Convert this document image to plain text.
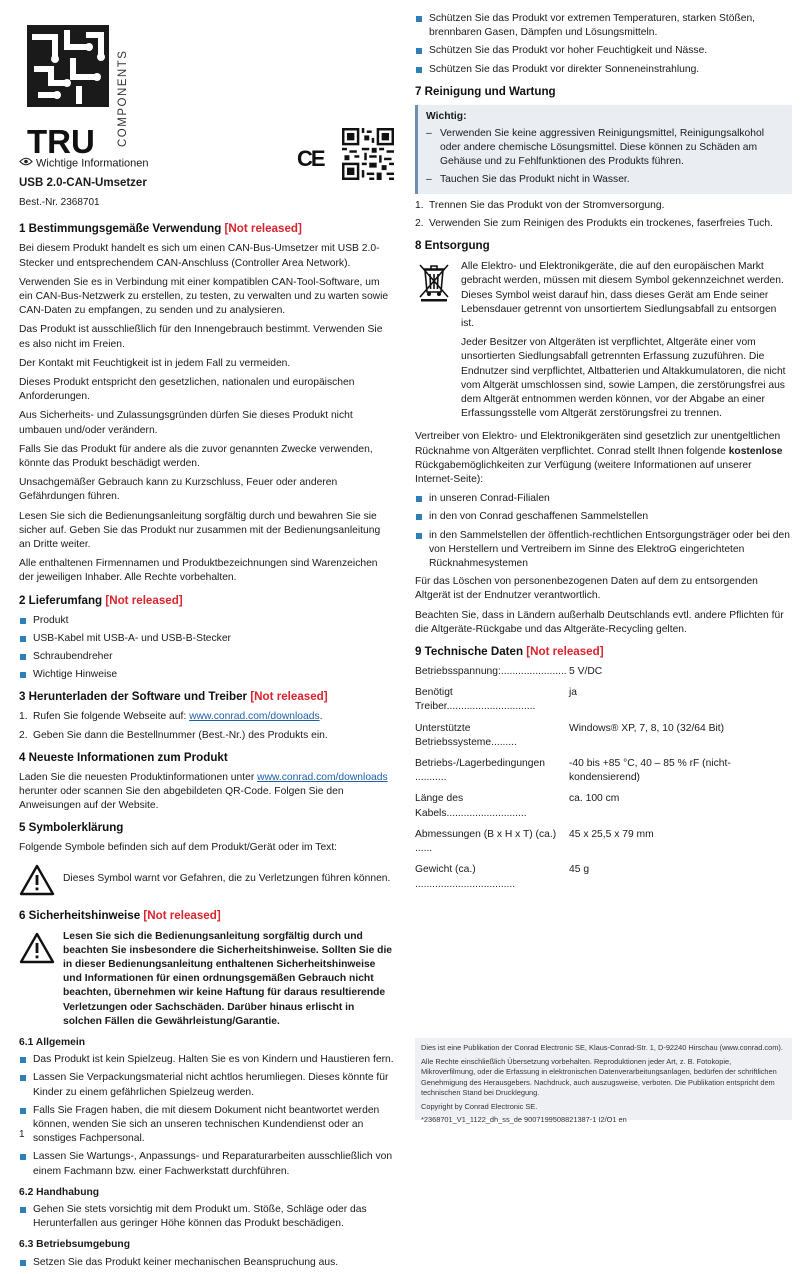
TRU COMPONENTS
Wichtige Informationen
USB 2.0-CAN-Umsetzer
Best.-Nr. 2368701
CE
1 Bestimmungsgemäße Verwendung [Not released]

Bei diesem Produkt handelt es sich um einen CAN-Bus-Umsetzer mit USB 2.0-Stecker und entsprechendem CAN-Anschluss (Controller Area Network).

Verwenden Sie es in Verbindung mit einer kompatiblen CAN-Tool-Software, um ein CAN-Bus-Netzwerk zu erstellen, zu testen, zu verwalten und zu warten sowie CAN-Daten zu empfangen, zu senden und zu analysieren.

Das Produkt ist ausschließlich für den Innengebrauch bestimmt. Verwenden Sie es also nicht im Freien.

Der Kontakt mit Feuchtigkeit ist in jedem Fall zu vermeiden.

Dieses Produkt entspricht den gesetzlichen, nationalen und europäischen Anforderungen.

Aus Sicherheits- und Zulassungsgründen dürfen Sie dieses Produkt nicht umbauen und/oder verändern.

Falls Sie das Produkt für andere als die zuvor genannten Zwecke verwenden, könnte das Produkt beschädigt werden.

Unsachgemäßer Gebrauch kann zu Kurzschluss, Feuer oder anderen Gefährdungen führen.

Lesen Sie sich die Bedienungsanleitung sorgfältig durch und bewahren Sie sie sicher auf. Geben Sie das Produkt nur zusammen mit der Bedienungsanleitung an Dritte weiter.

Alle enthaltenen Firmennamen und Produktbezeichnungen sind Warenzeichen der jeweiligen Inhaber. Alle Rechte vorbehalten.

2 Lieferumfang [Not released]
Produkt
USB-Kabel mit USB-A- und USB-B-Stecker
Schraubendreher
Wichtige Hinweise
3 Herunterladen der Software und Treiber [Not released]
1. Rufen Sie folgende Webseite auf: www.conrad.com/downloads.
2. Geben Sie dann die Bestellnummer (Best.-Nr.) des Produkts ein.
4 Neueste Informationen zum Produkt

Laden Sie die neuesten Produktinformationen unter www.conrad.com/downloads herunter oder scannen Sie den abgebildeten QR-Code. Folgen Sie den Anweisungen auf der Website.

5 Symbolerklärung

Folgende Symbole befinden sich auf dem Produkt/Gerät oder im Text:

Dieses Symbol warnt vor Gefahren, die zu Verletzungen führen können.
6 Sicherheitshinweise [Not released]
Lesen Sie sich die Bedienungsanleitung sorgfältig durch und beachten Sie insbesondere die Sicherheitshinweise. Sollten Sie die in dieser Bedienungsanleitung enthaltenen Sicherheitshinweise und Informationen für einen ordnungsgemäßen Gebrauch nicht beachten, übernehmen wir keine Haftung für daraus resultierende Verletzungen oder Sachschäden. Darüber hinaus erlischt in solchen Fällen die Gewährleistung/Garantie.
6.1 Allgemein
Das Produkt ist kein Spielzeug. Halten Sie es von Kindern und Haustieren fern.
Lassen Sie Verpackungsmaterial nicht achtlos herumliegen. Dieses könnte für Kinder zu einem gefährlichen Spielzeug werden.
Falls Sie Fragen haben, die mit diesem Dokument nicht beantwortet werden können, wenden Sie sich an unseren technischen Kundendienst oder an sonstiges Fachpersonal.
Lassen Sie Wartungs-, Anpassungs- und Reparaturarbeiten ausschließlich von einem Fachmann bzw. einer Fachwerkstatt durchführen.
6.2 Handhabung
Gehen Sie stets vorsichtig mit dem Produkt um. Stöße, Schläge oder das Herunterfallen aus geringer Höhe können das Produkt beschädigen.
6.3 Betriebsumgebung
Setzen Sie das Produkt keiner mechanischen Beanspruchung aus.
Schützen Sie das Produkt vor extremen Temperaturen, starken Stößen, brennbaren Gasen, Dämpfen und Lösungsmitteln.
Schützen Sie das Produkt vor hoher Feuchtigkeit und Nässe.
Schützen Sie das Produkt vor direkter Sonneneinstrahlung.
7 Reinigung und Wartung
Wichtig:
– Verwenden Sie keine aggressiven Reinigungsmittel, Reinigungsalkohol oder andere chemische Lösungsmittel. Diese können zu Schäden am Gehäuse und zu Fehlfunktionen des Produkts führen.
– Tauchen Sie das Produkt nicht in Wasser.
1. Trennen Sie das Produkt von der Stromversorgung.
2. Verwenden Sie zum Reinigen des Produkts ein trockenes, faserfreies Tuch.
8 Entsorgung

Alle Elektro- und Elektronikgeräte, die auf den europäischen Markt gebracht werden, müssen mit diesem Symbol gekennzeichnet werden. Dieses Symbol weist darauf hin, dass dieses Gerät am Ende seiner Lebensdauer getrennt von unsortiertem Siedlungsabfall zu entsorgen ist.

Jeder Besitzer von Altgeräten ist verpflichtet, Altgeräte einer vom unsortierten Siedlungsabfall getrennten Erfassung zuzuführen. Die Endnutzer sind verpflichtet, Altbatterien und Altakkumulatoren, die nicht vom Altgerät umschlossen sind, sowie Lampen, die zerstörungsfrei aus dem Altgerät entnommen werden können, vor der Abgabe an einer Erfassungsstelle vom Altgerät zerstörungsfrei zu trennen.

Vertreiber von Elektro- und Elektronikgeräten sind gesetzlich zur unentgeltlichen Rücknahme von Altgeräten verpflichtet. Conrad stellt Ihnen folgende kostenlose Rückgabemöglichkeiten zur Verfügung (weitere Informationen auf unserer Internet-Seite):

in unseren Conrad-Filialen
in den von Conrad geschaffenen Sammelstellen
in den Sammelstellen der öffentlich-rechtlichen Entsorgungsträger oder bei den von Herstellern und Vertreibern im Sinne des ElektroG eingerichteten Rücknahmesystemen

Für das Löschen von personenbezogenen Daten auf dem zu entsorgenden Altgerät ist der Endnutzer verantwortlich.

Beachten Sie, dass in Ländern außerhalb Deutschlands evtl. andere Pflichten für die Altgeräte-Rückgabe und das Altgeräte-Recycling gelten.

9 Technische Daten [Not released]
Betriebsspannung:.......................	5 V/DC
Benötigt Treiber...............................	ja
Unterstützte Betriebssysteme.........	Windows® XP, 7, 8, 10 (32/64 Bit)
Betriebs-/Lagerbedingungen ...........	-40 bis +85 °C, 40 – 85 % rF (nicht-kondensierend)
Länge des Kabels............................	ca. 100 cm
Abmessungen (B x H x T) (ca.) ......	45 x 25,5 x 79 mm
Gewicht (ca.) ...................................	45 g

Dies ist eine Publikation der Conrad Electronic SE, Klaus-Conrad-Str. 1, D-92240 Hirschau (www.conrad.com).

Alle Rechte einschließlich Übersetzung vorbehalten. Reproduktionen jeder Art, z. B. Fotokopie, Mikroverfilmung, oder die Erfassung in elektronischen Datenverarbeitungsanlagen, bedürfen der schriftlichen Genehmigung des Herausgebers. Nachdruck, auch auszugsweise, verboten. Die Publikation entspricht dem technischen Stand bei Drucklegung.

Copyright by Conrad Electronic SE.

*2368701_V1_1122_dh_ss_de 9007199508821387-1 I2/O1 en

1
